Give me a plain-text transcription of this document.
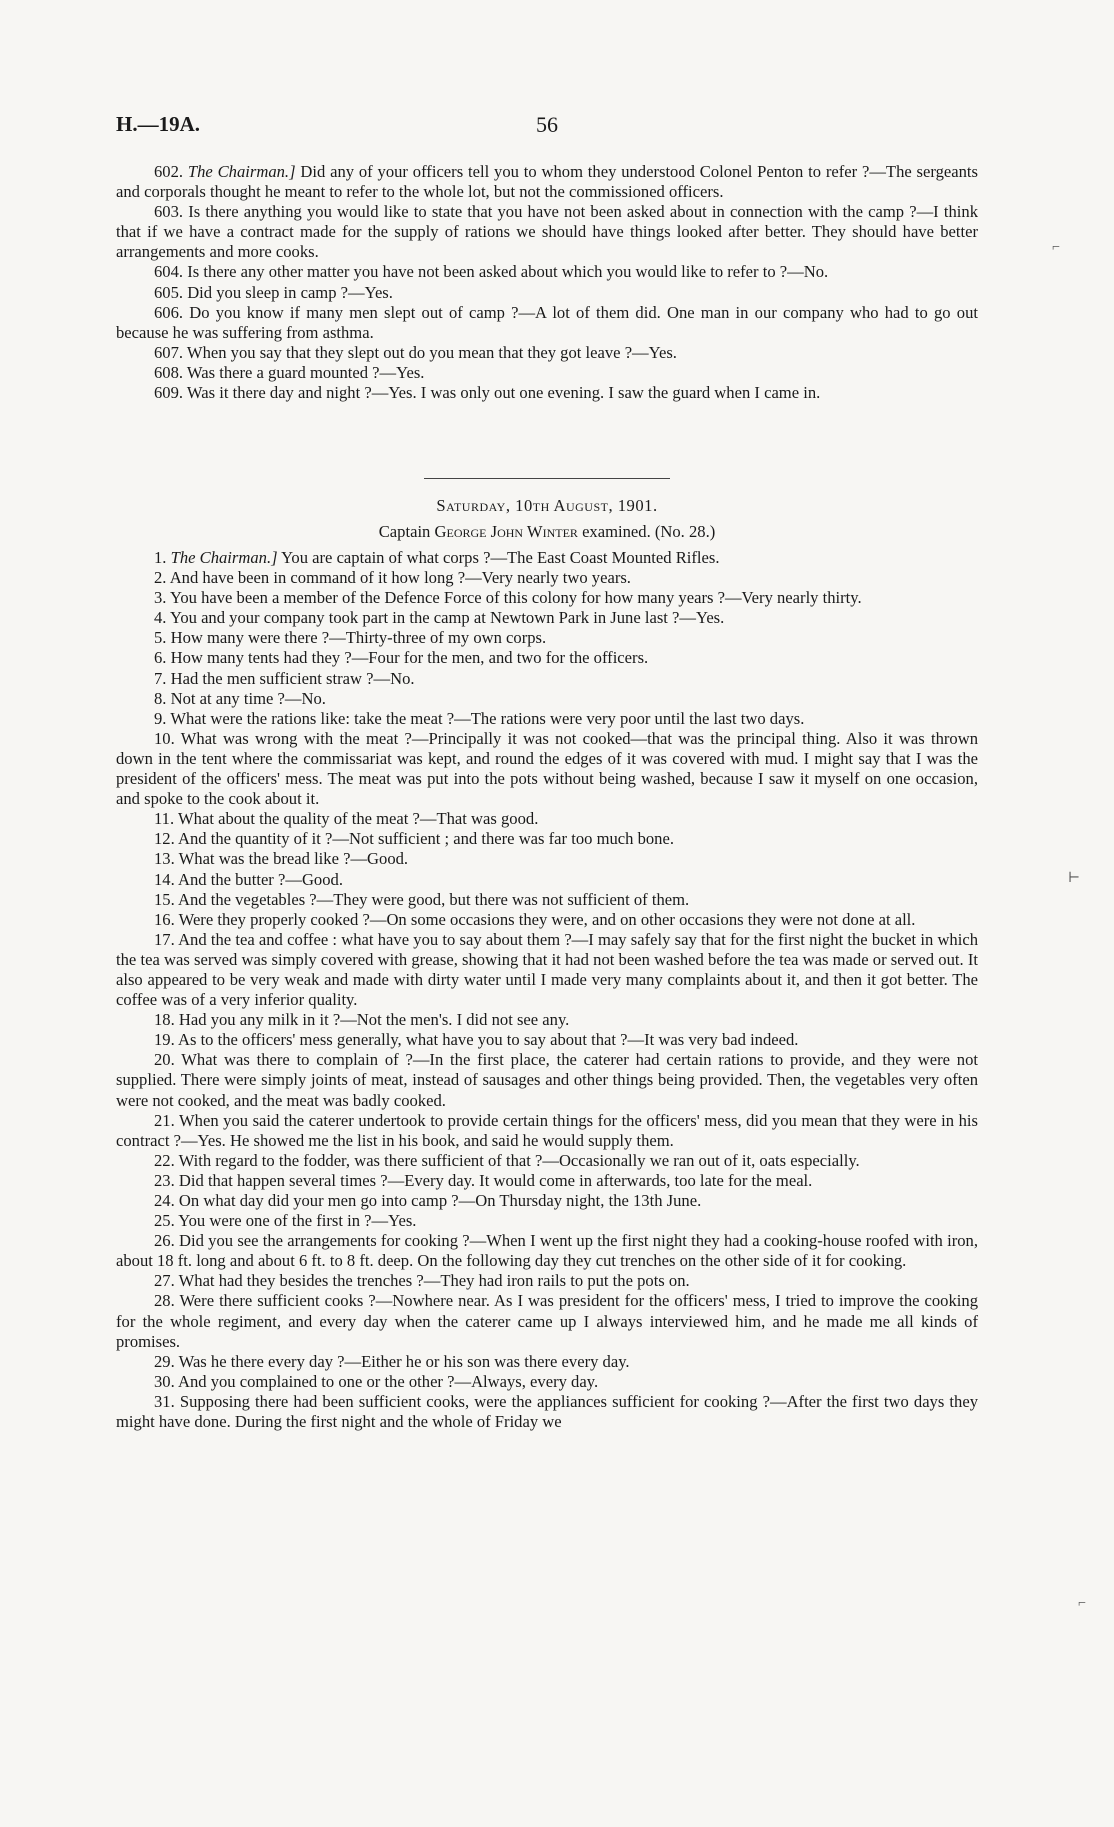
H.—19A.	56

602. The Chairman.] Did any of your officers tell you to whom they understood Colonel Penton to refer ?—The sergeants and corporals thought he meant to refer to the whole lot, but not the commissioned officers.

603. Is there anything you would like to state that you have not been asked about in connection with the camp ?—I think that if we have a contract made for the supply of rations we should have things looked after better. They should have better arrangements and more cooks.

604. Is there any other matter you have not been asked about which you would like to refer to ?—No.

605. Did you sleep in camp ?—Yes.

606. Do you know if many men slept out of camp ?—A lot of them did. One man in our company who had to go out because he was suffering from asthma.

607. When you say that they slept out do you mean that they got leave ?—Yes.

608. Was there a guard mounted ?—Yes.

609. Was it there day and night ?—Yes. I was only out one evening. I saw the guard when I came in.

Saturday, 10th August, 1901.
Captain George John Winter examined. (No. 28.)

1. The Chairman.] You are captain of what corps ?—The East Coast Mounted Rifles.

2. And have been in command of it how long ?—Very nearly two years.

3. You have been a member of the Defence Force of this colony for how many years ?—Very nearly thirty.

4. You and your company took part in the camp at Newtown Park in June last ?—Yes.

5. How many were there ?—Thirty-three of my own corps.

6. How many tents had they ?—Four for the men, and two for the officers.

7. Had the men sufficient straw ?—No.

8. Not at any time ?—No.

9. What were the rations like: take the meat ?—The rations were very poor until the last two days.

10. What was wrong with the meat ?—Principally it was not cooked—that was the principal thing. Also it was thrown down in the tent where the commissariat was kept, and round the edges of it was covered with mud. I might say that I was the president of the officers' mess. The meat was put into the pots without being washed, because I saw it myself on one occasion, and spoke to the cook about it.

11. What about the quality of the meat ?—That was good.

12. And the quantity of it ?—Not sufficient ; and there was far too much bone.

13. What was the bread like ?—Good.

14. And the butter ?—Good.

15. And the vegetables ?—They were good, but there was not sufficient of them.

16. Were they properly cooked ?—On some occasions they were, and on other occasions they were not done at all.

17. And the tea and coffee : what have you to say about them ?—I may safely say that for the first night the bucket in which the tea was served was simply covered with grease, showing that it had not been washed before the tea was made or served out. It also appeared to be very weak and made with dirty water until I made very many complaints about it, and then it got better. The coffee was of a very inferior quality.

18. Had you any milk in it ?—Not the men's. I did not see any.

19. As to the officers' mess generally, what have you to say about that ?—It was very bad indeed.

20. What was there to complain of ?—In the first place, the caterer had certain rations to provide, and they were not supplied. There were simply joints of meat, instead of sausages and other things being provided. Then, the vegetables very often were not cooked, and the meat was badly cooked.

21. When you said the caterer undertook to provide certain things for the officers' mess, did you mean that they were in his contract ?—Yes. He showed me the list in his book, and said he would supply them.

22. With regard to the fodder, was there sufficient of that ?—Occasionally we ran out of it, oats especially.

23. Did that happen several times ?—Every day. It would come in afterwards, too late for the meal.

24. On what day did your men go into camp ?—On Thursday night, the 13th June.

25. You were one of the first in ?—Yes.

26. Did you see the arrangements for cooking ?—When I went up the first night they had a cooking-house roofed with iron, about 18 ft. long and about 6 ft. to 8 ft. deep. On the following day they cut trenches on the other side of it for cooking.

27. What had they besides the trenches ?—They had iron rails to put the pots on.

28. Were there sufficient cooks ?—Nowhere near. As I was president for the officers' mess, I tried to improve the cooking for the whole regiment, and every day when the caterer came up I always interviewed him, and he made me all kinds of promises.

29. Was he there every day ?—Either he or his son was there every day.

30. And you complained to one or the other ?—Always, every day.

31. Supposing there had been sufficient cooks, were the appliances sufficient for cooking ?—After the first two days they might have done. During the first night and the whole of Friday we

⌐
⊢
⌐
